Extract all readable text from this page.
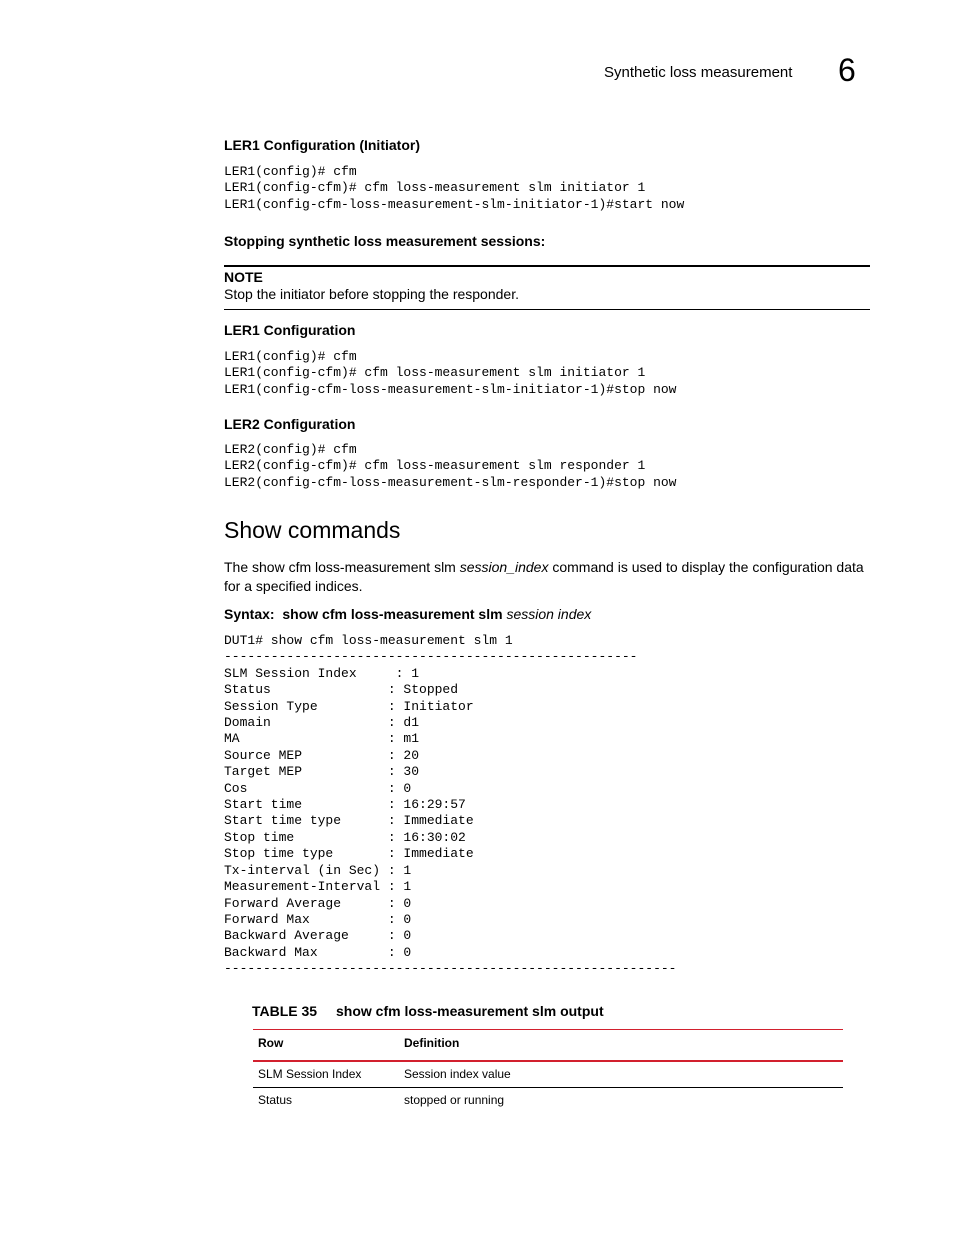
Synthetic loss measurement 6
LER1 Configuration (Initiator)
LER1(config)# cfm
LER1(config-cfm)# cfm loss-measurement slm initiator 1
LER1(config-cfm-loss-measurement-slm-initiator-1)#start now
Stopping synthetic loss measurement sessions:
NOTE
Stop the initiator before stopping the responder.
LER1 Configuration
LER1(config)# cfm
LER1(config-cfm)# cfm loss-measurement slm initiator 1
LER1(config-cfm-loss-measurement-slm-initiator-1)#stop now
LER2 Configuration
LER2(config)# cfm
LER2(config-cfm)# cfm loss-measurement slm responder 1
LER2(config-cfm-loss-measurement-slm-responder-1)#stop now
Show commands
The show cfm loss-measurement slm session_index command is used to display the configuration data for a specified indices.
Syntax: show cfm loss-measurement slm session index
DUT1# show cfm loss-measurement slm 1
-----------------------------------------------------
SLM Session Index     : 1
Status               : Stopped
Session Type         : Initiator
Domain               : d1
MA                   : m1
Source MEP           : 20
Target MEP           : 30
Cos                  : 0
Start time           : 16:29:57
Start time type      : Immediate
Stop time            : 16:30:02
Stop time type       : Immediate
Tx-interval (in Sec) : 1
Measurement-Interval : 1
Forward Average      : 0
Forward Max          : 0
Backward Average     : 0
Backward Max         : 0
----------------------------------------------------------
TABLE 35 show cfm loss-measurement slm output
Row	Definition
SLM Session Index	Session index value
Status	stopped or running
